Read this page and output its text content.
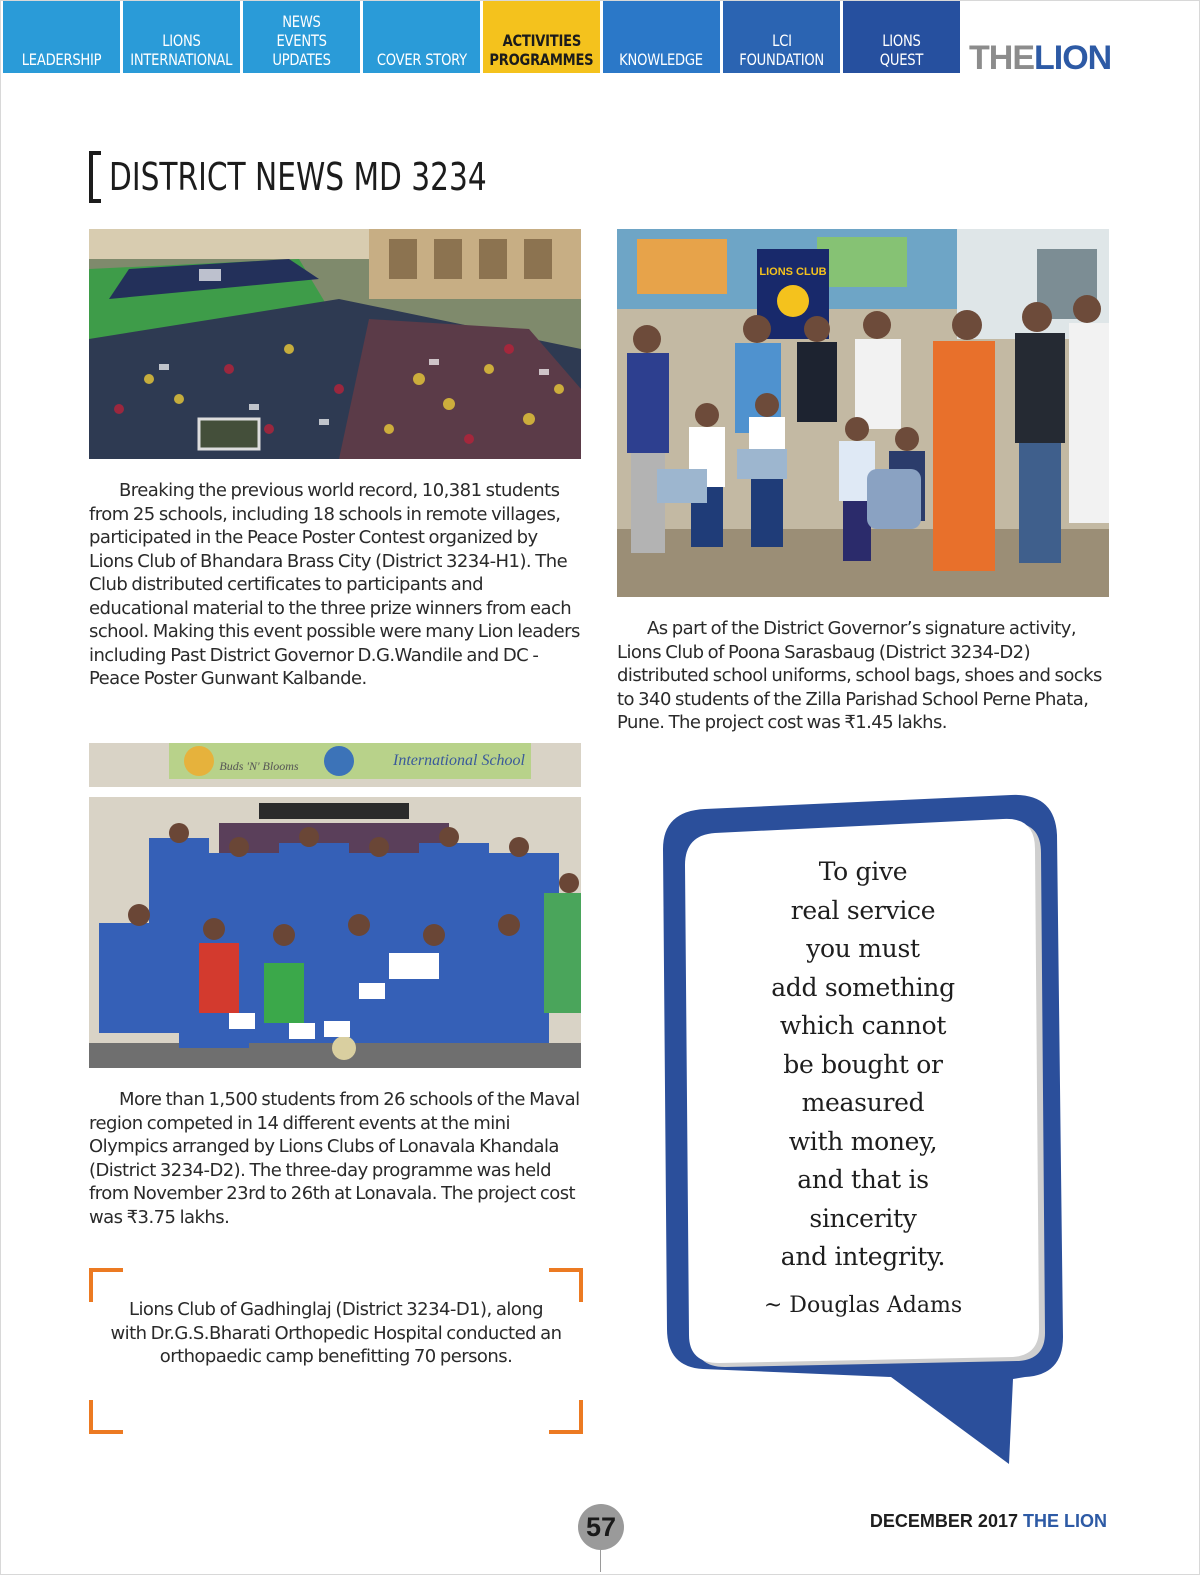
LEADERSHIP
LIONS
INTERNATIONAL
NEWS
EVENTS
UPDATES	COVER STORY
ACTIVITIES
PROGRAMMES KNOWLEDGE
LCI
FOUNDATION
LIONS
QUEST THELION
DISTRICT NEWS MD 3234
LIONS CLUB
Breaking the previous world record, 10,381 students from 25 schools, including 18 schools in remote villages, participated in the Peace Poster Contest organized by Lions Club of Bhandara Brass City (District 3234-H1). The Club distributed certificates to participants and educational material to the three prize winners from each school. Making this event possible were many Lion leaders including Past District Governor D.G.Wandile and DC - Peace Poster Gunwant Kalbande.
As part of the District Governor’s signature activity, Lions Club of Poona Sarasbaug (District 3234-D2) distributed school uniforms, school bags, shoes and socks to 340 students of the Zilla Parishad School Perne Phata, Pune. The project cost was ₹1.45 lakhs.
Buds 'N' Blooms	International School
More than 1,500 students from 26 schools of the Maval region competed in 14 different events at the mini Olympics arranged by Lions Clubs of Lonavala Khandala (District 3234-D2). The three-day programme was held from November 23rd to 26th at Lonavala. The project cost was ₹3.75 lakhs.
Lions Club of Gadhinglaj (District 3234-D1), along with Dr.G.S.Bharati Orthopedic Hospital conducted an orthopaedic camp benefitting 70 persons.
To give
real service
you must
add something
which cannot
be bought or
measured
with money,
and that is
sincerity
and integrity.
~ Douglas Adams
57	DECEMBER 2017 THE LION
